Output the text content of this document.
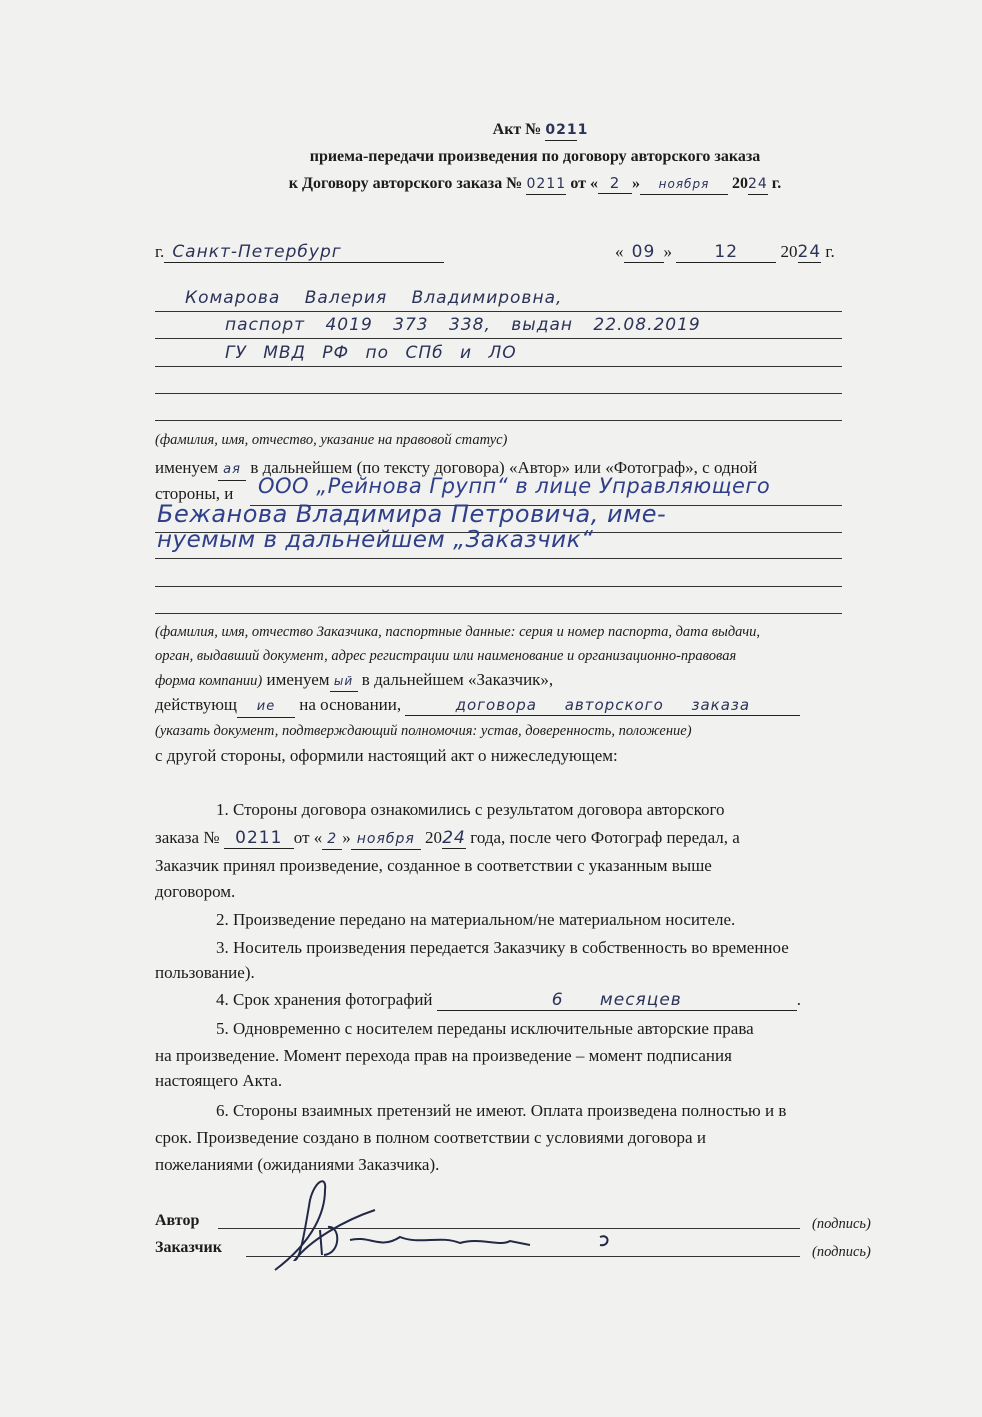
Акт № 0211
приема-передачи произведения по договору авторского заказа
к Договору авторского заказа № 0211 от « 2 » ноября 2024 г.
г. Санкт-Петербург	« 09 » 12 2024 г.
Комарова Валерия Владимировна,
паспорт 4019 373 338, выдан 22.08.2019
ГУ МВД РФ по СПб и ЛО
(фамилия, имя, отчество, указание на правовой статус)
именуем ая в дальнейшем (по тексту договора) «Автор» или «Фотограф», с одной
стороны, и ООО „Рейнова Групп“ в лице Управляющего
Бежанова Владимира Петровича, име-
нуемым в дальнейшем „Заказчик“
(фамилия, имя, отчество Заказчика, паспортные данные: серия и номер паспорта, дата выдачи,
орган, выдавший документ, адрес регистрации или наименование и организационно-правовая
форма компании) именуем ый в дальнейшем «Заказчик»,
действующ ие на основании,	договора авторского заказа
(указать документ, подтверждающий полномочия: устав, доверенность, положение)
с другой стороны, оформили настоящий акт о нижеследующем:
1. Стороны договора ознакомились с результатом договора авторского
заказа № 0211 от « 2 » ноября 2024 года, после чего Фотограф передал, а
Заказчик принял произведение, созданное в соответствии с указанным выше
договором.
2. Произведение передано на материальном/не материальном носителе.
3. Носитель произведения передается Заказчику в собственность во временное
пользование).
4. Срок хранения фотографий	6 месяцев	.
5. Одновременно с носителем переданы исключительные авторские права
на произведение. Момент перехода прав на произведение – момент подписания
настоящего Акта.
6. Стороны взаимных претензий не имеют. Оплата произведена полностью и в
срок. Произведение создано в полном соответствии с условиями договора и
пожеланиями (ожиданиями Заказчика).
Автор	(подпись)
Заказчик	(подпись)
